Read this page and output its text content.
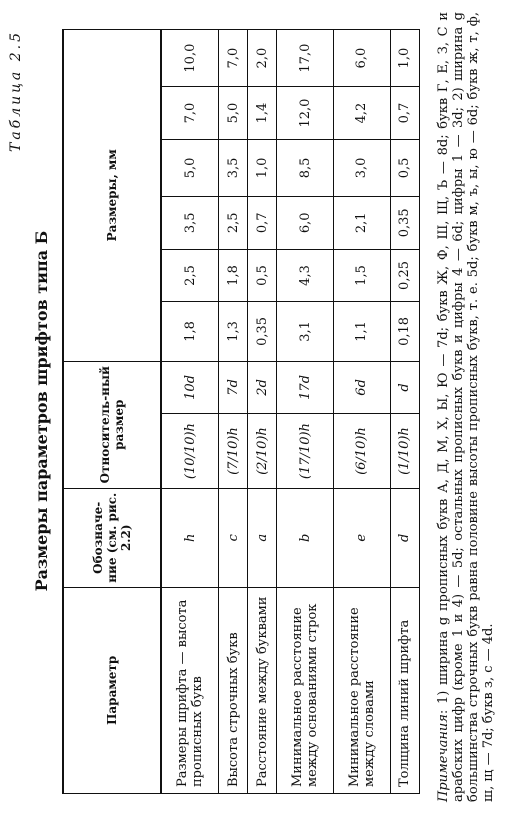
Таблица 2.5
Размеры параметров шрифтов типа Б
Параметр	Обозначе-ние (см. рис. 2.2)	Относитель-ный размер		Размеры, мм					

Размеры шрифта — высота прописных букв	h	(10/10)h	10d	1,8	2,5	3,5	5,0	7,0	10,0
Высота строчных букв	c	(7/10)h	7d	1,3	1,8	2,5	3,5	5,0	7,0
Расстояние между буквами	a	(2/10)h	2d	0,35	0,5	0,7	1,0	1,4	2,0
Минимальное расстояние между основаниями строк	b	(17/10)h	17d	3,1	4,3	6,0	8,5	12,0	17,0
Минимальное расстояние между словами	e	(6/10)h	6d	1,1	1,5	2,1	3,0	4,2	6,0
Толщина линий шрифта	d	(1/10)h	d	0,18	0,25	0,35	0,5	0,7	1,0
Примечания: 1) ширина g прописных букв А, Д, М, Х, Ы, Ю — 7d; букв Ж, Ф, Ш, Щ, Ъ — 8d; букв Г, Е, З, С и арабских цифр (кроме 1 и 4) — 5d; остальных прописных букв и цифры 4 — 6d; цифры 1 — 3d; 2) ширина g большинства строчных букв равна половине высоты прописных букв, т. е. 5d; букв м, ъ, ы, ю — 6d; букв ж, т, ф, ш, щ — 7d; букв з, с — 4d.
